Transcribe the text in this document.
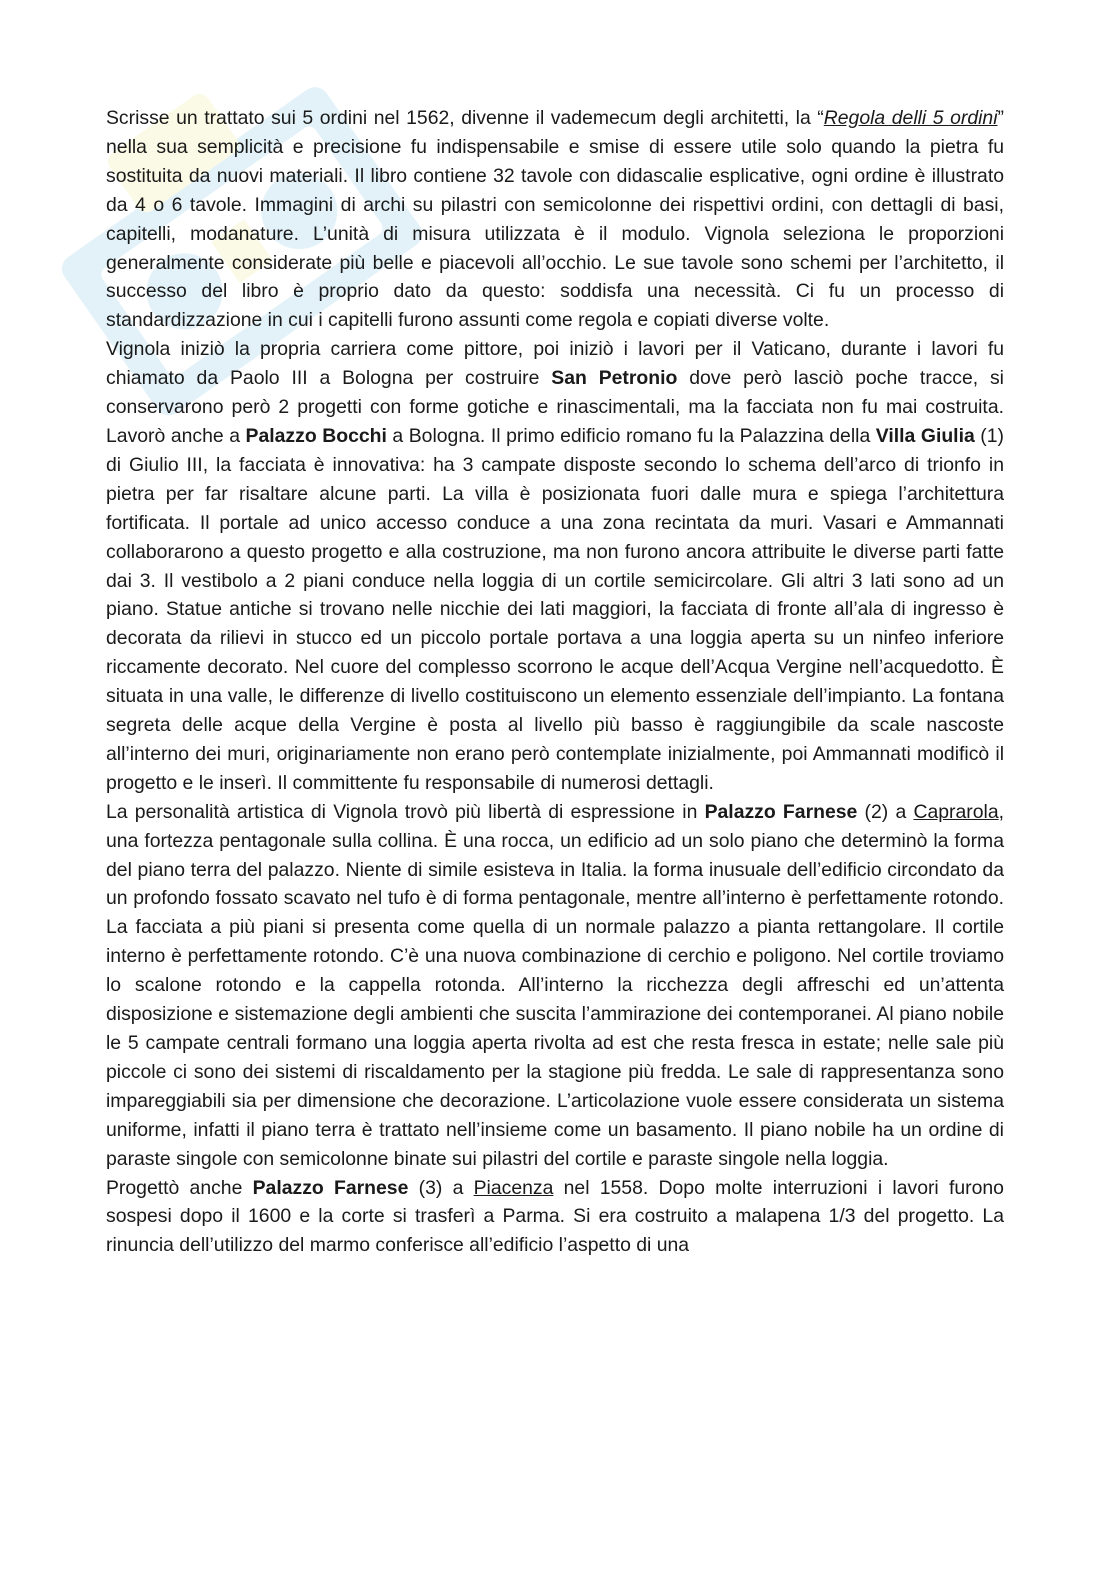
Scrisse un trattato sui 5 ordini nel 1562, divenne il vademecum degli architetti, la “Regola delli 5 ordini” nella sua semplicità e precisione fu indispensabile e smise di essere utile solo quando la pietra fu sostituita da nuovi materiali. Il libro contiene 32 tavole con didascalie esplicative, ogni ordine è illustrato da 4 o 6 tavole. Immagini di archi su pilastri con semicolonne dei rispettivi ordini, con dettagli di basi, capitelli, modanature. L’unità di misura utilizzata è il modulo. Vignola seleziona le proporzioni generalmente considerate più belle e piacevoli all’occhio. Le sue tavole sono schemi per l’architetto, il successo del libro è proprio dato da questo: soddisfa una necessità. Ci fu un processo di standardizzazione in cui i capitelli furono assunti come regola e copiati diverse volte.

Vignola iniziò la propria carriera come pittore, poi iniziò i lavori per il Vaticano, durante i lavori fu chiamato da Paolo III a Bologna per costruire San Petronio dove però lasciò poche tracce, si conservarono però 2 progetti con forme gotiche e rinascimentali, ma la facciata non fu mai costruita. Lavorò anche a Palazzo Bocchi a Bologna. Il primo edificio romano fu la Palazzina della Villa Giulia (1) di Giulio III, la facciata è innovativa: ha 3 campate disposte secondo lo schema dell’arco di trionfo in pietra per far risaltare alcune parti. La villa è posizionata fuori dalle mura e spiega l’architettura fortificata. Il portale ad unico accesso conduce a una zona recintata da muri. Vasari e Ammannati collaborarono a questo progetto e alla costruzione, ma non furono ancora attribuite le diverse parti fatte dai 3. Il vestibolo a 2 piani conduce nella loggia di un cortile semicircolare. Gli altri 3 lati sono ad un piano. Statue antiche si trovano nelle nicchie dei lati maggiori, la facciata di fronte all’ala di ingresso è decorata da rilievi in stucco ed un piccolo portale portava a una loggia aperta su un ninfeo inferiore riccamente decorato. Nel cuore del complesso scorrono le acque dell’Acqua Vergine nell’acquedotto. È situata in una valle, le differenze di livello costituiscono un elemento essenziale dell’impianto. La fontana segreta delle acque della Vergine è posta al livello più basso è raggiungibile da scale nascoste all’interno dei muri, originariamente non erano però contemplate inizialmente, poi Ammannati modificò il progetto e le inserì. Il committente fu responsabile di numerosi dettagli.

La personalità artistica di Vignola trovò più libertà di espressione in Palazzo Farnese (2) a Caprarola, una fortezza pentagonale sulla collina. È una rocca, un edificio ad un solo piano che determinò la forma del piano terra del palazzo. Niente di simile esisteva in Italia. la forma inusuale dell’edificio circondato da un profondo fossato scavato nel tufo è di forma pentagonale, mentre all’interno è perfettamente rotondo. La facciata a più piani si presenta come quella di un normale palazzo a pianta rettangolare. Il cortile interno è perfettamente rotondo. C’è una nuova combinazione di cerchio e poligono. Nel cortile troviamo lo scalone rotondo e la cappella rotonda. All’interno la ricchezza degli affreschi ed un’attenta disposizione e sistemazione degli ambienti che suscita l’ammirazione dei contemporanei. Al piano nobile le 5 campate centrali formano una loggia aperta rivolta ad est che resta fresca in estate; nelle sale più piccole ci sono dei sistemi di riscaldamento per la stagione più fredda. Le sale di rappresentanza sono impareggiabili sia per dimensione che decorazione. L’articolazione vuole essere considerata un sistema uniforme, infatti il piano terra è trattato nell’insieme come un basamento. Il piano nobile ha un ordine di paraste singole con semicolonne binate sui pilastri del cortile e paraste singole nella loggia.

Progettò anche Palazzo Farnese (3) a Piacenza nel 1558. Dopo molte interruzioni i lavori furono sospesi dopo il 1600 e la corte si trasferì a Parma. Si era costruito a malapena 1/3 del progetto. La rinuncia dell’utilizzo del marmo conferisce all’edificio l’aspetto di una
